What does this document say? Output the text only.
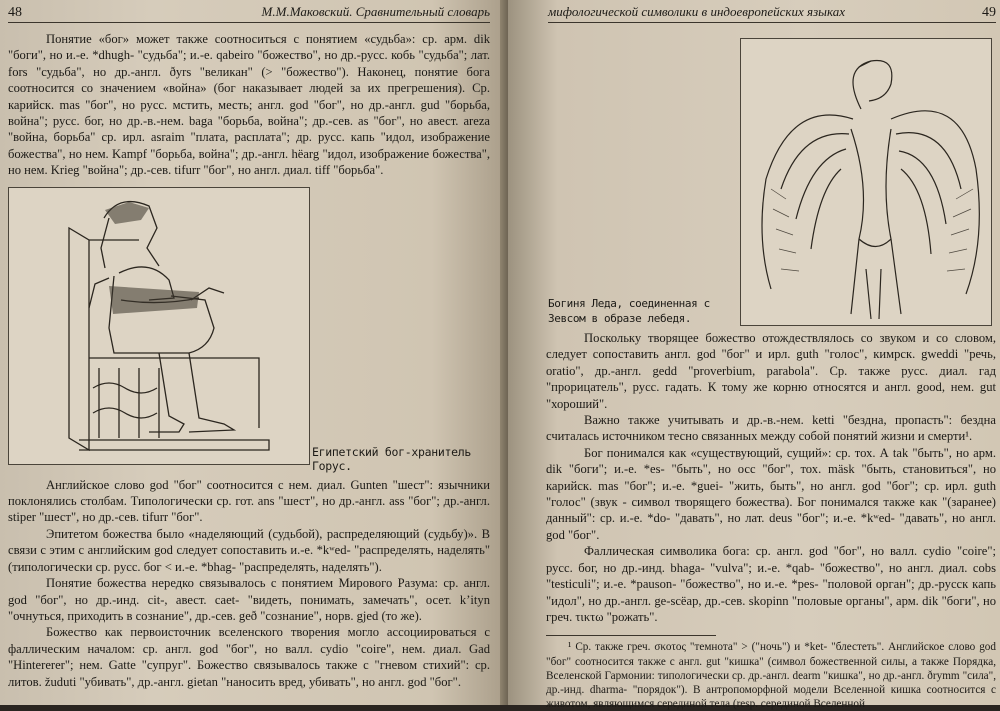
48	М.М.Маковский. Сравнительный словарь

Понятие «бог» может также соотноситься с понятием «судьба»: ср. арм. dik "боги", но и.-е. *dhugh- "судьба"; и.-е. qabeiro "божество", но др.-русс. кобь "судьба"; лат. fors "судьба", но др.-англ. ðyrs "великан" (> "божество"). Наконец, понятие бога соотносится со значением «война» (бог наказывает людей за их прегрешения). Ср. карийск. mas "бог", но русс. мстить, месть; англ. god "бог", но др.-англ. gud "борьба, война"; русс. бог, но др.-в.-нем. baga "борьба, война"; др.-сев. as "бог", но авест. areza "война, борьба" ср. ирл. asraim "плата, расплата"; др. русс. капь "идол, изображение божества", но нем. Kampf "борьба, война"; др.-англ. hëarg "идол, изображение божества", но нем. Krieg "война"; др.-сев. tifurr "бог", но англ. диал. tiff "борьба".

Египетский бог-хранитель Горус.

Английское слово god "бог" соотносится с нем. диал. Gunten "шест": язычники поклонялись столбам. Типологически ср. гот. ans "шест", но др.-англ. ass "бог"; др.-англ. stiper "шест", но др.-сев. tifurr "бог".

Эпитетом божества было «наделяющий (судьбой), распределяющий (судьбу)». В связи с этим с английским god следует сопоставить и.-е. *kʷed- "распределять, наделять" (типологически ср. русс. бог < и.-е. *bhag- "распределять, наделять").

Понятие божества нередко связывалось с понятием Мирового Разума: ср. англ. god "бог", но др.-инд. cit-, авест. caet- "видеть, понимать, замечать", осет. kʼityn "очнуться, приходить в сознание", др.-сев. geð "сознание", норв. gjed (то же).

Божество как первоисточник вселенского творения могло ассоциироваться с фаллическим началом: ср. англ. god "бог", но валл. cydio "coire", нем. диал. Gad "Hintererer"; нем. Gatte "супруг". Божество связывалось также с "гневом стихий": ср. литов. žuduti "убивать", др.-англ. gietan "наносить вред, убивать", но англ. god "бог".

мифологической символики в индоевропейских языках	49
Богиня Леда, соединенная с Зевсом в образе лебедя.

Поскольку творящее божество отождествлялось со звуком и со словом, следует сопоставить англ. god "бог" и ирл. guth "голос", кимрск. gweddi "речь, oratio", др.-англ. gedd "proverbium, parabola". Ср. также русс. диал. гад "прорицатель", русс. гадать. К тому же корню относятся и англ. good, нем. gut "хороший".

Важно также учитывать и др.-в.-нем. ketti "бездна, пропасть": бездна считалась источником тесно связанных между собой понятий жизни и смерти¹.

Бог понимался как «существующий, сущий»: ср. тох. А tak "быть", но арм. dik "боги"; и.-е. *es- "быть", но осс "бог", тох. mäsk "быть, становиться", но карийск. mas "бог"; и.-е. *guei- "жить, быть", но англ. god "бог"; ср. ирл. guth "голос" (звук - символ творящего божества). Бог понимался также как "(заранее) данный": ср. и.-е. *do- "давать", но лат. deus "бог"; и.-е. *kʷed- "давать", но англ. god "бог".

Фаллическая символика бога: ср. англ. god "бог", но валл. cydio "coire"; русс. бог, но др.-инд. bhaga- "vulva"; и.-е. *qab- "божество", но англ. диал. cobs "testiculi"; и.-е. *pauson- "божество", но и.-е. *pes- "половой орган"; др.-русск капь "идол", но др.-англ. ge-scëap, др.-сев. skopinn "половые органы", арм. dik "боги", но греч. τικτω "рожать".

¹ Ср. также греч. σκοτος "темнота" > ("ночь") и *ket- "блестеть". Английское слово god "бог" соотносится также с англ. gut "кишка" (символ божественной силы, а также Порядка, Вселенской Гармонии: типологически ср. др.-англ. dearm "кишка", но др.-англ. ðrymm "сила", др.-инд. dharma- "порядок"). В антропоморфной модели Вселенной кишка соотносится с животом, являющимся серединой тела (resp. серединой Вселенной
